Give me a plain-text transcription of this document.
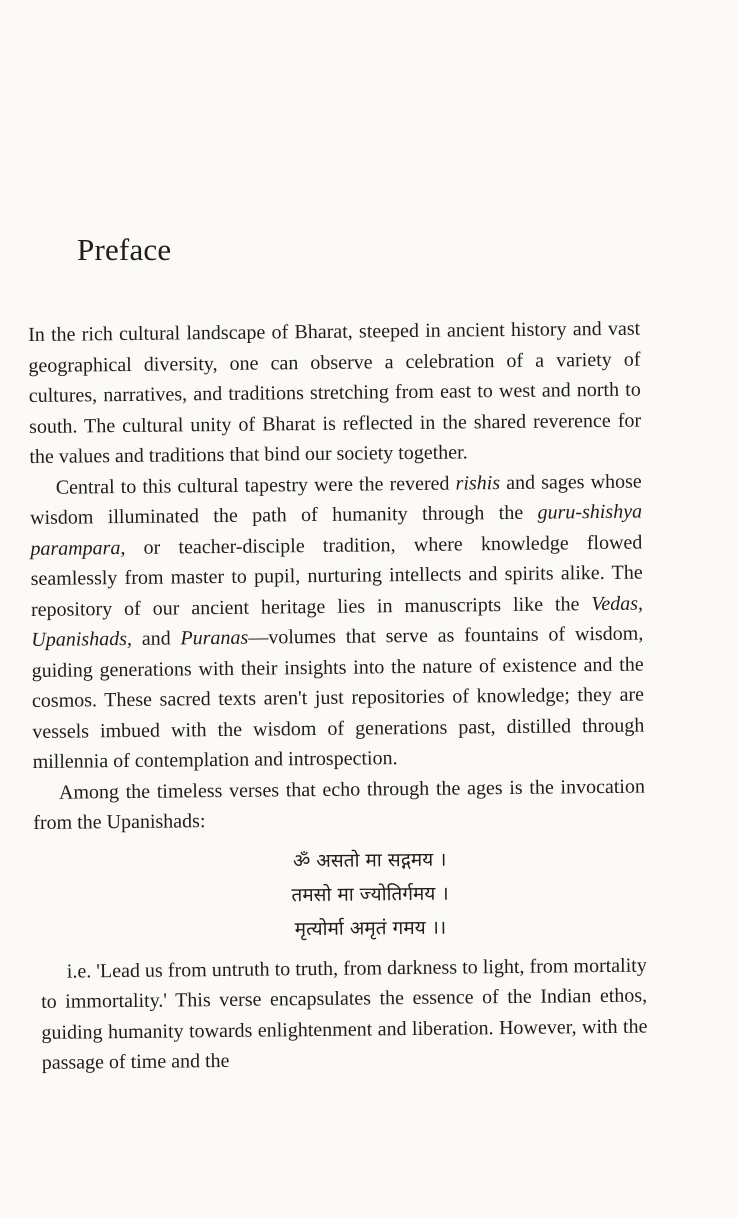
Preface

In the rich cultural landscape of Bharat, steeped in ancient history and vast geographical diversity, one can observe a celebration of a variety of cultures, narratives, and traditions stretching from east to west and north to south. The cultural unity of Bharat is reflected in the shared reverence for the values and traditions that bind our society together.

Central to this cultural tapestry were the revered rishis and sages whose wisdom illuminated the path of humanity through the guru-shishya parampara, or teacher-disciple tradition, where knowledge flowed seamlessly from master to pupil, nurturing intellects and spirits alike. The repository of our ancient heritage lies in manuscripts like the Vedas, Upanishads, and Puranas—volumes that serve as fountains of wisdom, guiding generations with their insights into the nature of existence and the cosmos. These sacred texts aren't just repositories of knowledge; they are vessels imbued with the wisdom of generations past, distilled through millennia of contemplation and introspection.

Among the timeless verses that echo through the ages is the invocation from the Upanishads:

ॐ असतो मा सद्गमय ।
तमसो मा ज्योतिर्गमय ।
मृत्योर्मा अमृतं गमय ।।

i.e. 'Lead us from untruth to truth, from darkness to light, from mortality to immortality.' This verse encapsulates the essence of the Indian ethos, guiding humanity towards enlightenment and liberation. However, with the passage of time and the
